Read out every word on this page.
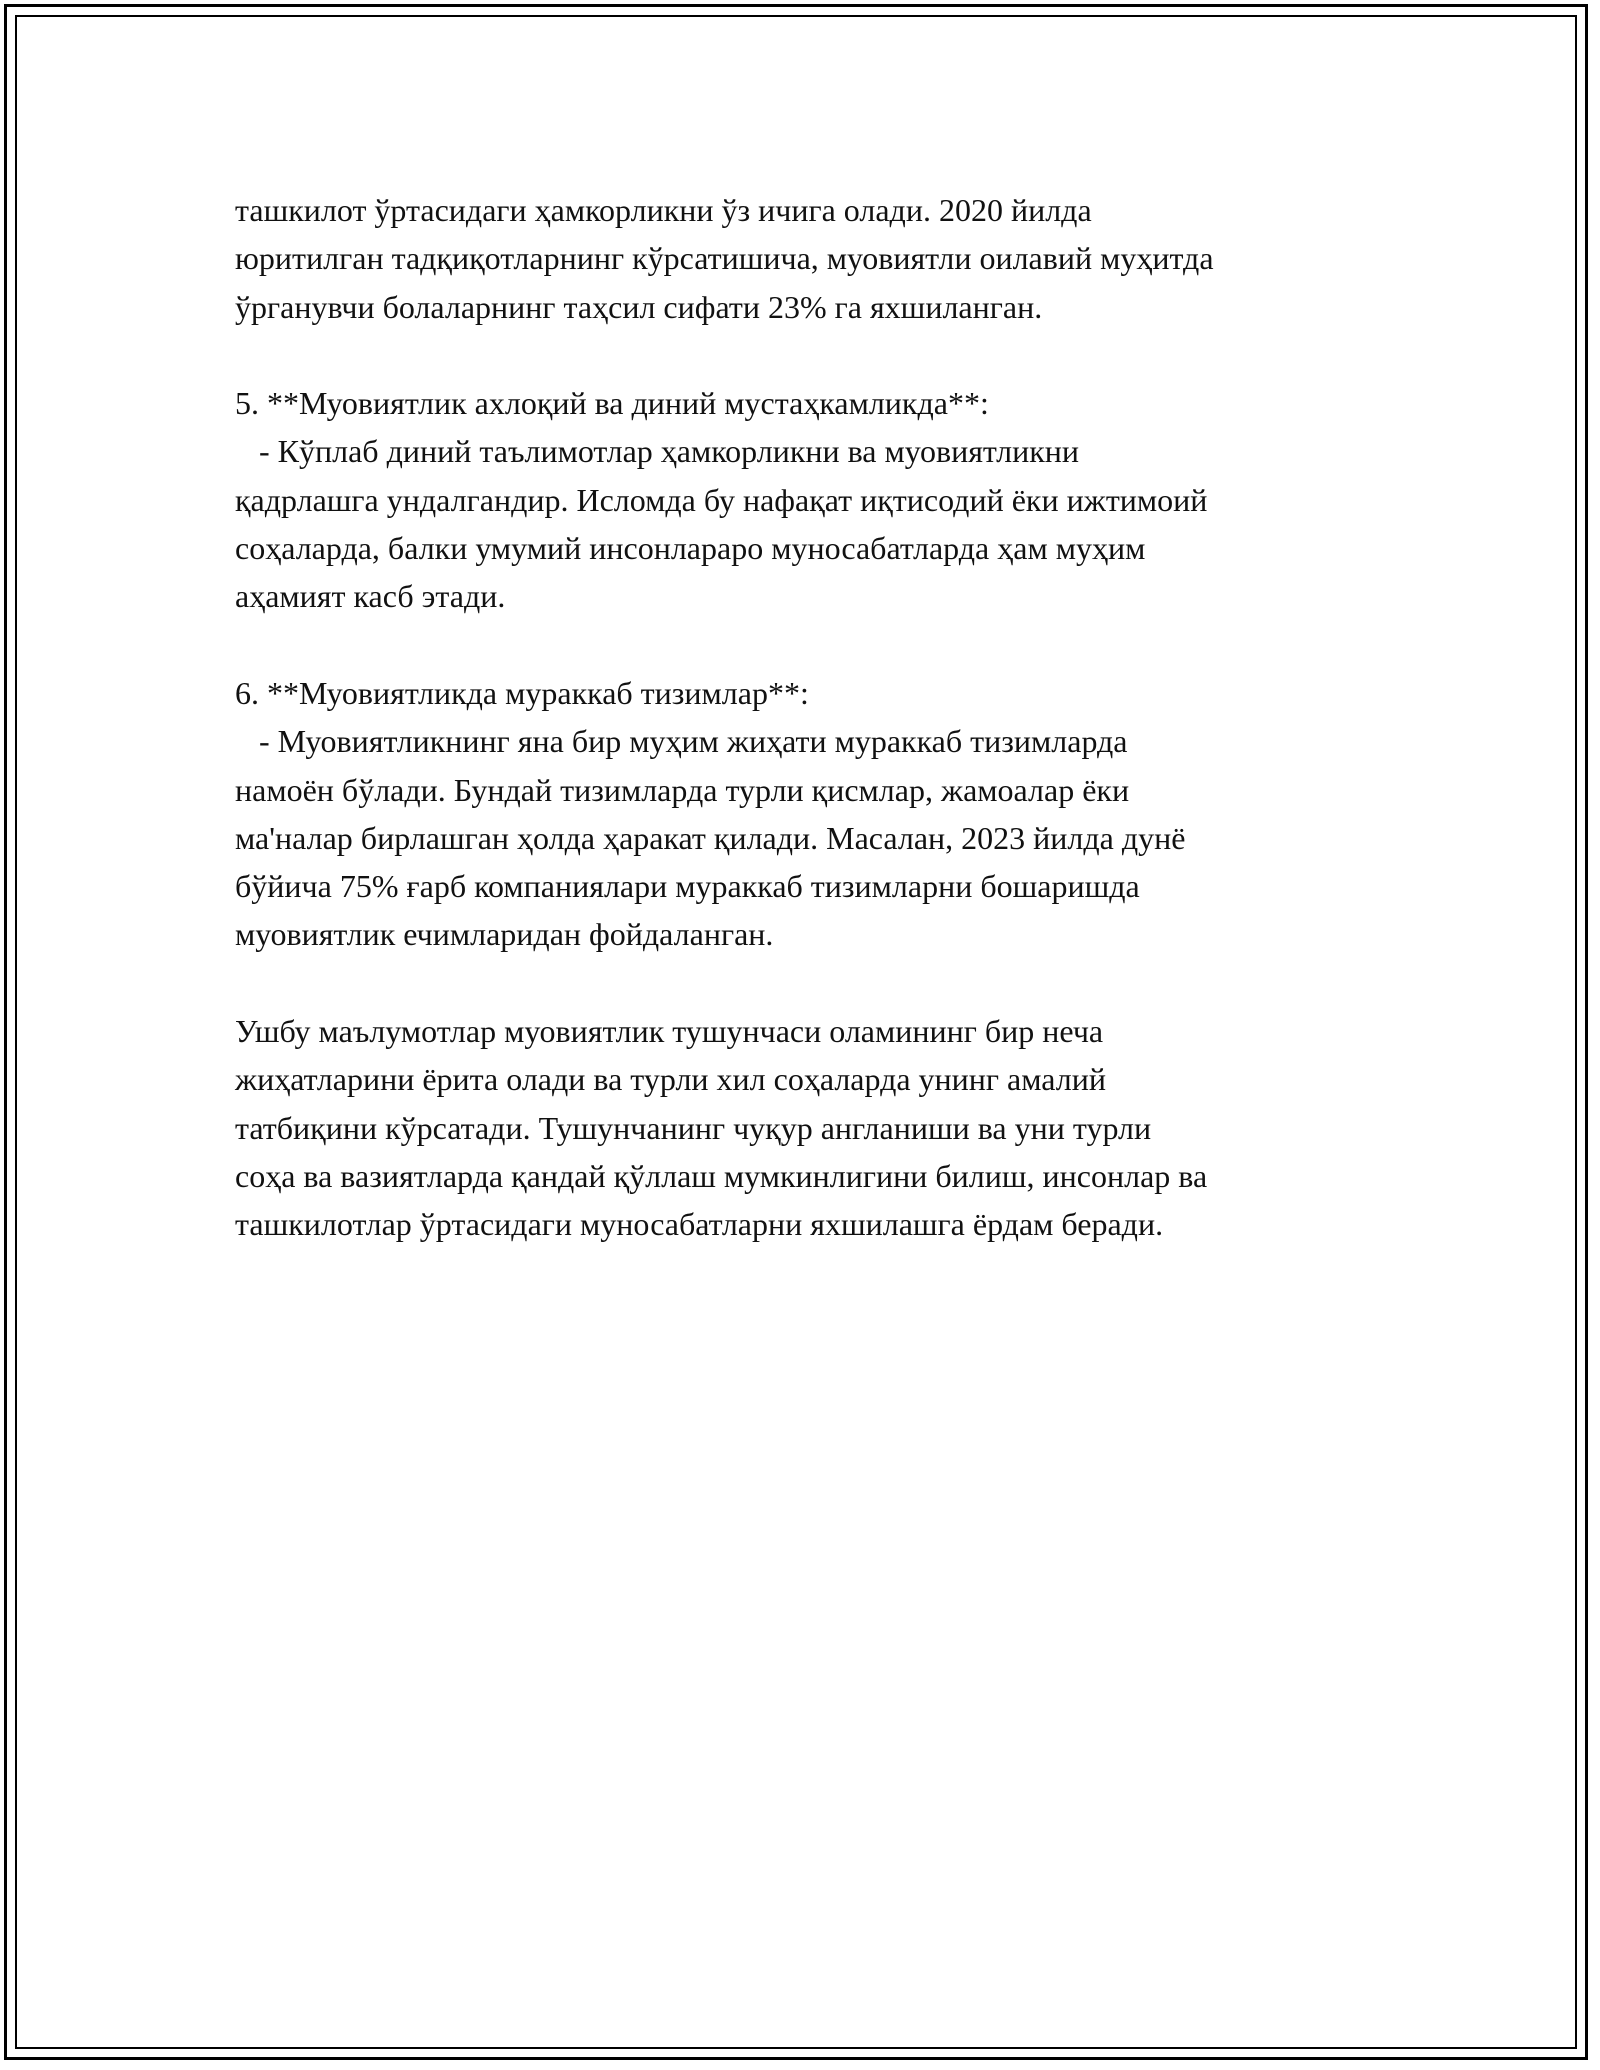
ташкилот ўртасидаги ҳамкорликни ўз ичига олади. 2020 йилда
юритилган тадқиқотларнинг кўрсатишича, муовиятли оилавий муҳитда
ўрганувчи болаларнинг таҳсил сифати 23% га яхшиланган.
5. **Муовиятлик ахлоқий ва диний мустаҳкамликда**:
- Кўплаб диний таълимотлар ҳамкорликни ва муовиятликни
қадрлашга ундалгандир. Исломда бу нафақат иқтисодий ёки ижтимоий
соҳаларда, балки умумий инсонлараро муносабатларда ҳам муҳим
аҳамият касб этади.
6. **Муовиятликда мураккаб тизимлар**:
- Муовиятликнинг яна бир муҳим жиҳати мураккаб тизимларда
намоён бўлади. Бундай тизимларда турли қисмлар, жамоалар ёки
ма'налар бирлашган ҳолда ҳаракат қилади. Масалан, 2023 йилда дунё
бўйича 75% ғарб компаниялари мураккаб тизимларни бошаришда
муовиятлик ечимларидан фойдаланган.
Ушбу маълумотлар муовиятлик тушунчаси оламининг бир неча
жиҳатларини ёрита олади ва турли хил соҳаларда унинг амалий
татбиқини кўрсатади. Тушунчанинг чуқур англаниши ва уни турли
соҳа ва вазиятларда қандай қўллаш мумкинлигини билиш, инсонлар ва
ташкилотлар ўртасидаги муносабатларни яхшилашга ёрдам беради.
